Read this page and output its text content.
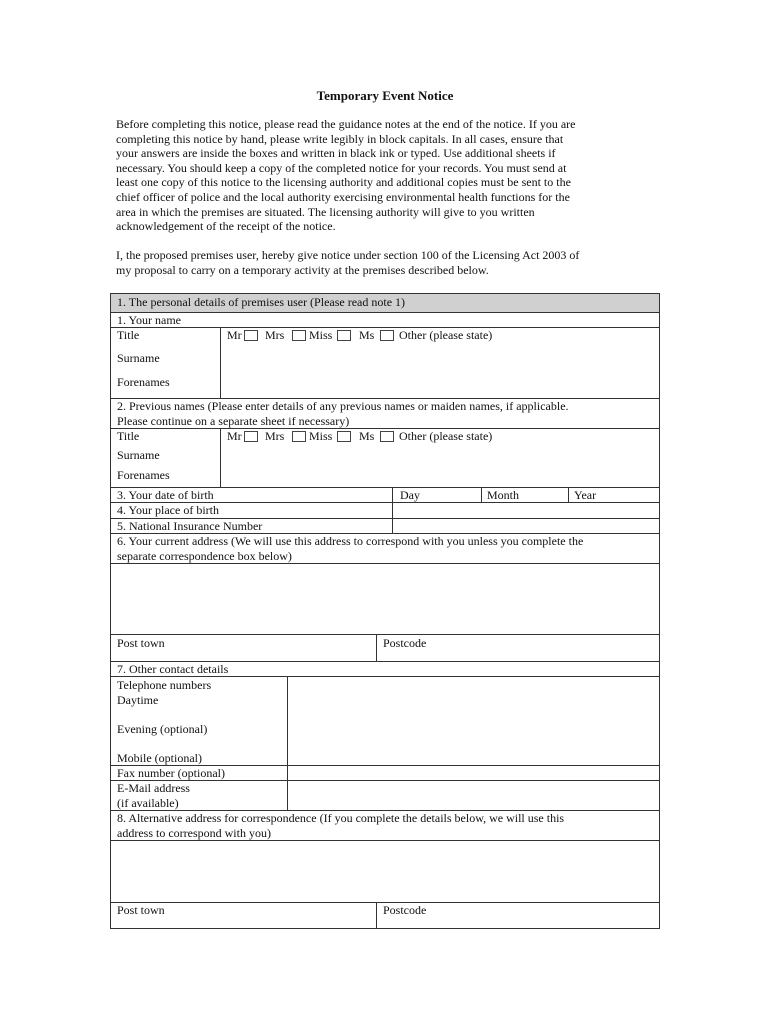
Temporary Event Notice

Before completing this notice, please read the guidance notes at the end of the notice. If you are
completing this notice by hand, please write legibly in block capitals. In all cases, ensure that
your answers are inside the boxes and written in black ink or typed. Use additional sheets if
necessary. You should keep a copy of the completed notice for your records. You must send at
least one copy of this notice to the licensing authority and additional copies must be sent to the
chief officer of police and the local authority exercising environmental health functions for the
area in which the premises are situated. The licensing authority will give to you written
acknowledgement of the receipt of the notice.

I, the proposed premises user, hereby give notice under section 100 of the Licensing Act 2003 of
my proposal to carry on a temporary activity at the premises described below.

1. The personal details of premises user (Please read note 1)
1. Your name
Title
Surname
Forenames
Mr Mrs Miss Ms Other (please state)
2. Previous names (Please enter details of any previous names or maiden names, if applicable.
Please continue on a separate sheet if necessary)
Title
Surname
Forenames
Mr Mrs Miss Ms Other (please state)
3. Your date of birth	Day	Month	Year
4. Your place of birth
5. National Insurance Number
6. Your current address (We will use this address to correspond with you unless you complete the
separate correspondence box below)
Post town	Postcode
7. Other contact details
Telephone numbers
Daytime
Evening (optional)
Mobile (optional)
Fax number (optional)
E-Mail address
(if available)
8. Alternative address for correspondence (If you complete the details below, we will use this
address to correspond with you)
Post town	Postcode
